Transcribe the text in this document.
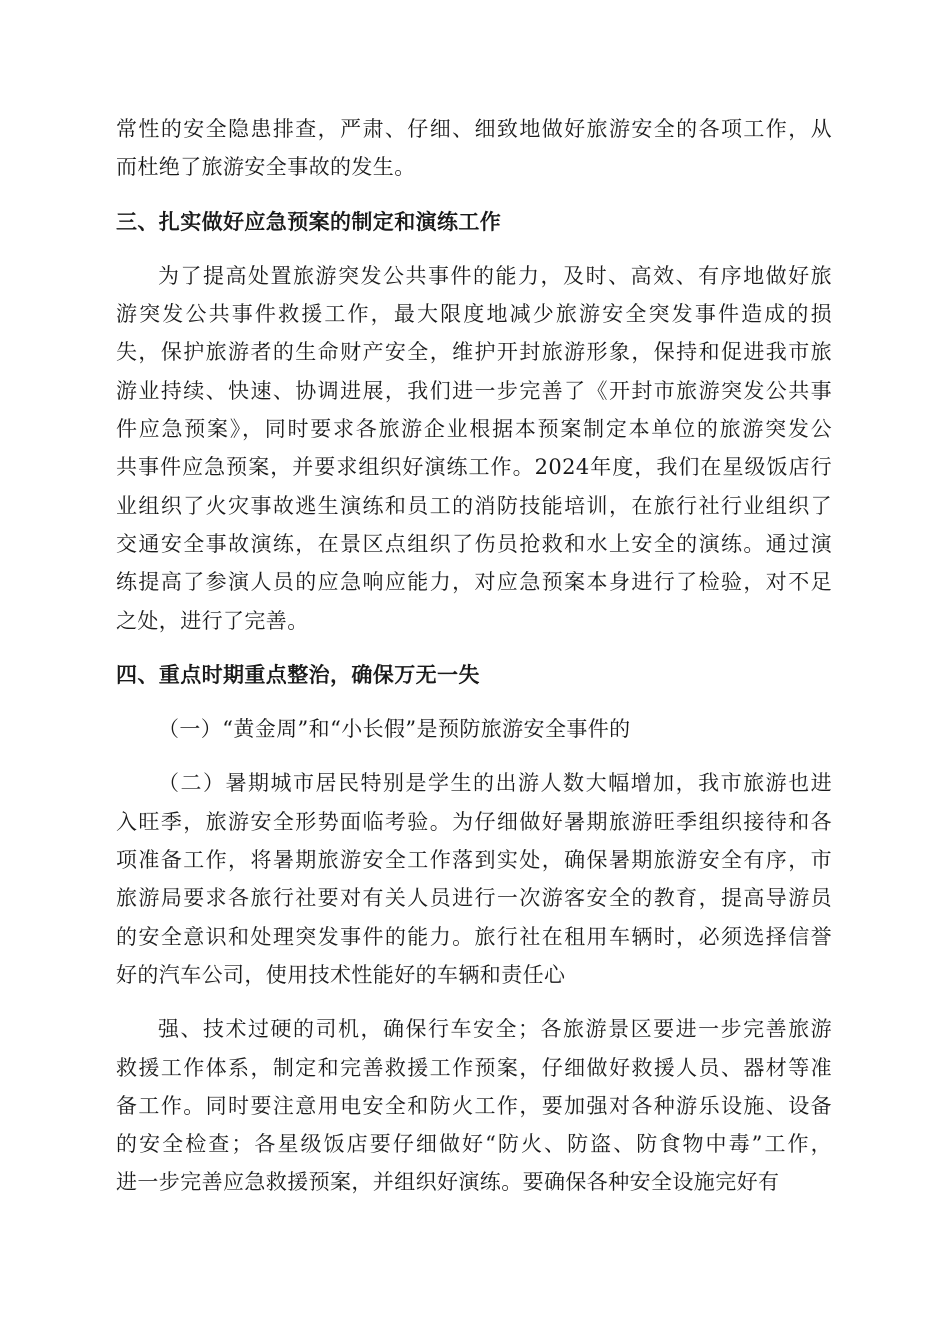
常性的安全隐患排查，严肃、仔细、细致地做好旅游安全的各项工作，从
而杜绝了旅游安全事故的发生。
三、扎实做好应急预案的制定和演练工作
为了提高处置旅游突发公共事件的能力，及时、高效、有序地做好旅
游突发公共事件救援工作，最大限度地减少旅游安全突发事件造成的损
失，保护旅游者的生命财产安全，维护开封旅游形象，保持和促进我市旅
游业持续、快速、协调进展，我们进一步完善了《开封市旅游突发公共事
件应急预案》，同时要求各旅游企业根据本预案制定本单位的旅游突发公
共事件应急预案，并要求组织好演练工作。2024年度，我们在星级饭店行
业组织了火灾事故逃生演练和员工的消防技能培训，在旅行社行业组织了
交通安全事故演练，在景区点组织了伤员抢救和水上安全的演练。通过演
练提高了参演人员的应急响应能力，对应急预案本身进行了检验，对不足
之处，进行了完善。
四、重点时期重点整治，确保万无一失
（一）“黄金周”和“小长假”是预防旅游安全事件的
（二）暑期城市居民特别是学生的出游人数大幅增加，我市旅游也进
入旺季，旅游安全形势面临考验。为仔细做好暑期旅游旺季组织接待和各
项准备工作，将暑期旅游安全工作落到实处，确保暑期旅游安全有序，市
旅游局要求各旅行社要对有关人员进行一次游客安全的教育，提高导游员
的安全意识和处理突发事件的能力。旅行社在租用车辆时，必须选择信誉
好的汽车公司，使用技术性能好的车辆和责任心
强、技术过硬的司机，确保行车安全；各旅游景区要进一步完善旅游
救援工作体系，制定和完善救援工作预案，仔细做好救援人员、器材等准
备工作。同时要注意用电安全和防火工作，要加强对各种游乐设施、设备
的安全检查；各星级饭店要仔细做好“防火、防盗、防食物中毒”工作，
进一步完善应急救援预案，并组织好演练。要确保各种安全设施完好有
